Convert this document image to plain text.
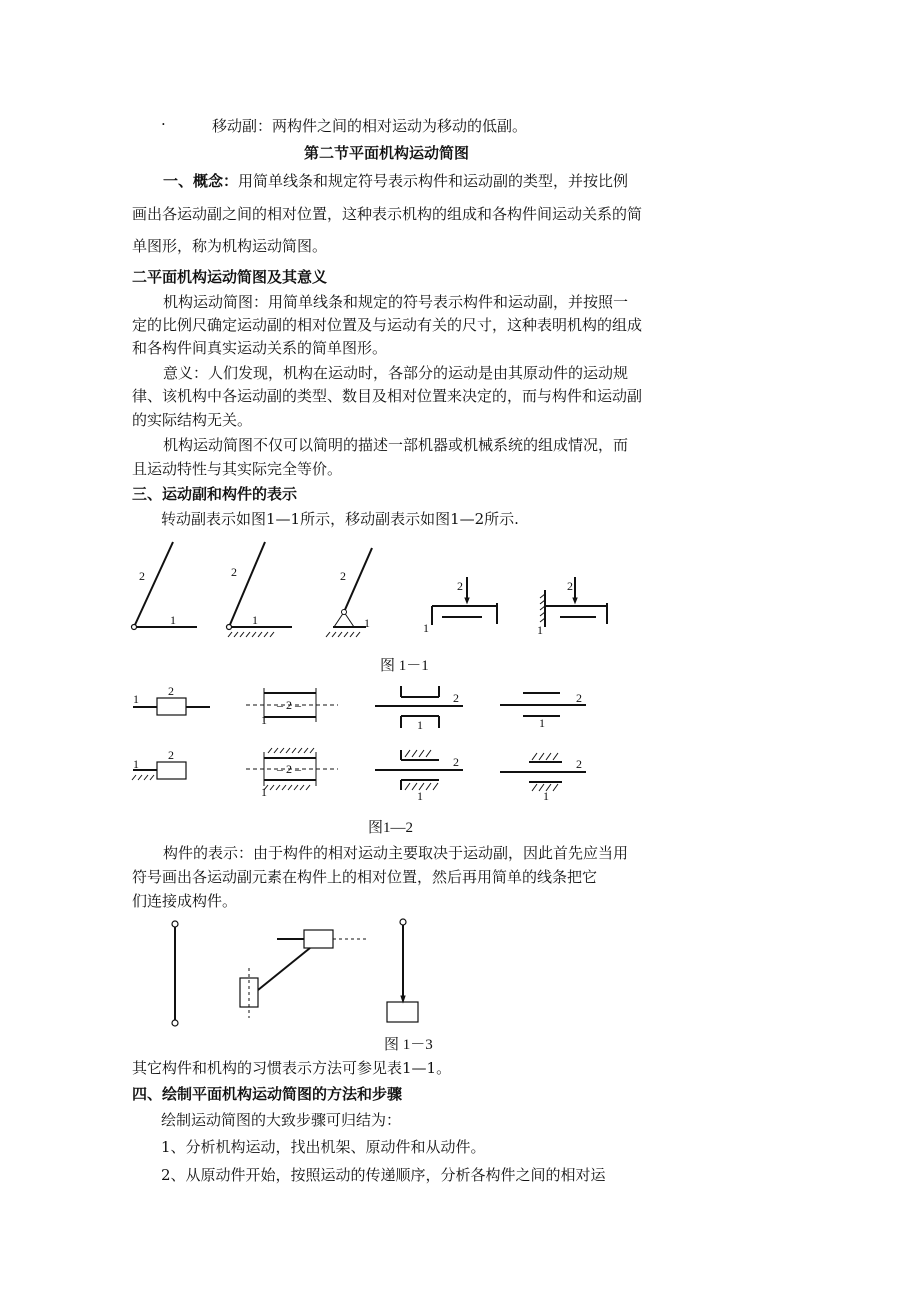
·	移动副：两构件之间的相对运动为移动的低副。
第二节平面机构运动简图
一、概念：用简单线条和规定符号表示构件和运动副的类型，并按比例
画出各运动副之间的相对位置，这种表示机构的组成和各构件间运动关系的简
单图形，称为机构运动简图。
二平面机构运动简图及其意义
机构运动简图：用简单线条和规定的符号表示构件和运动副，并按照一
定的比例尺确定运动副的相对位置及与运动有关的尺寸，这种表明机构的组成
和各构件间真实运动关系的简单图形。
意义：人们发现，机构在运动时，各部分的运动是由其原动件的运动规
律、该机构中各运动副的类型、数目及相对位置来决定的，而与构件和运动副
的实际结构无关。
机构运动简图不仅可以简明的描述一部机器或机械系统的组成情况，而
且运动特性与其实际完全等价。
三、运动副和构件的表示
转动副表示如图1—1所示，移动副表示如图1—2所示.
2
1
2
1
2
1
2
1
2
1
图 1－1
1
2
– 2 –
1
2
1
2
1
1
2
– 2 –
1
2
1
2
1
图1—2
构件的表示：由于构件的相对运动主要取决于运动副，因此首先应当用
符号画出各运动副元素在构件上的相对位置，然后再用简单的线条把它
们连接成构件。
图 1－3
其它构件和机构的习惯表示方法可参见表1—1。
四、绘制平面机构运动简图的方法和步骤
绘制运动简图的大致步骤可归结为：
1、分析机构运动，找出机架、原动件和从动件。
2、从原动件开始，按照运动的传递顺序，分析各构件之间的相对运
